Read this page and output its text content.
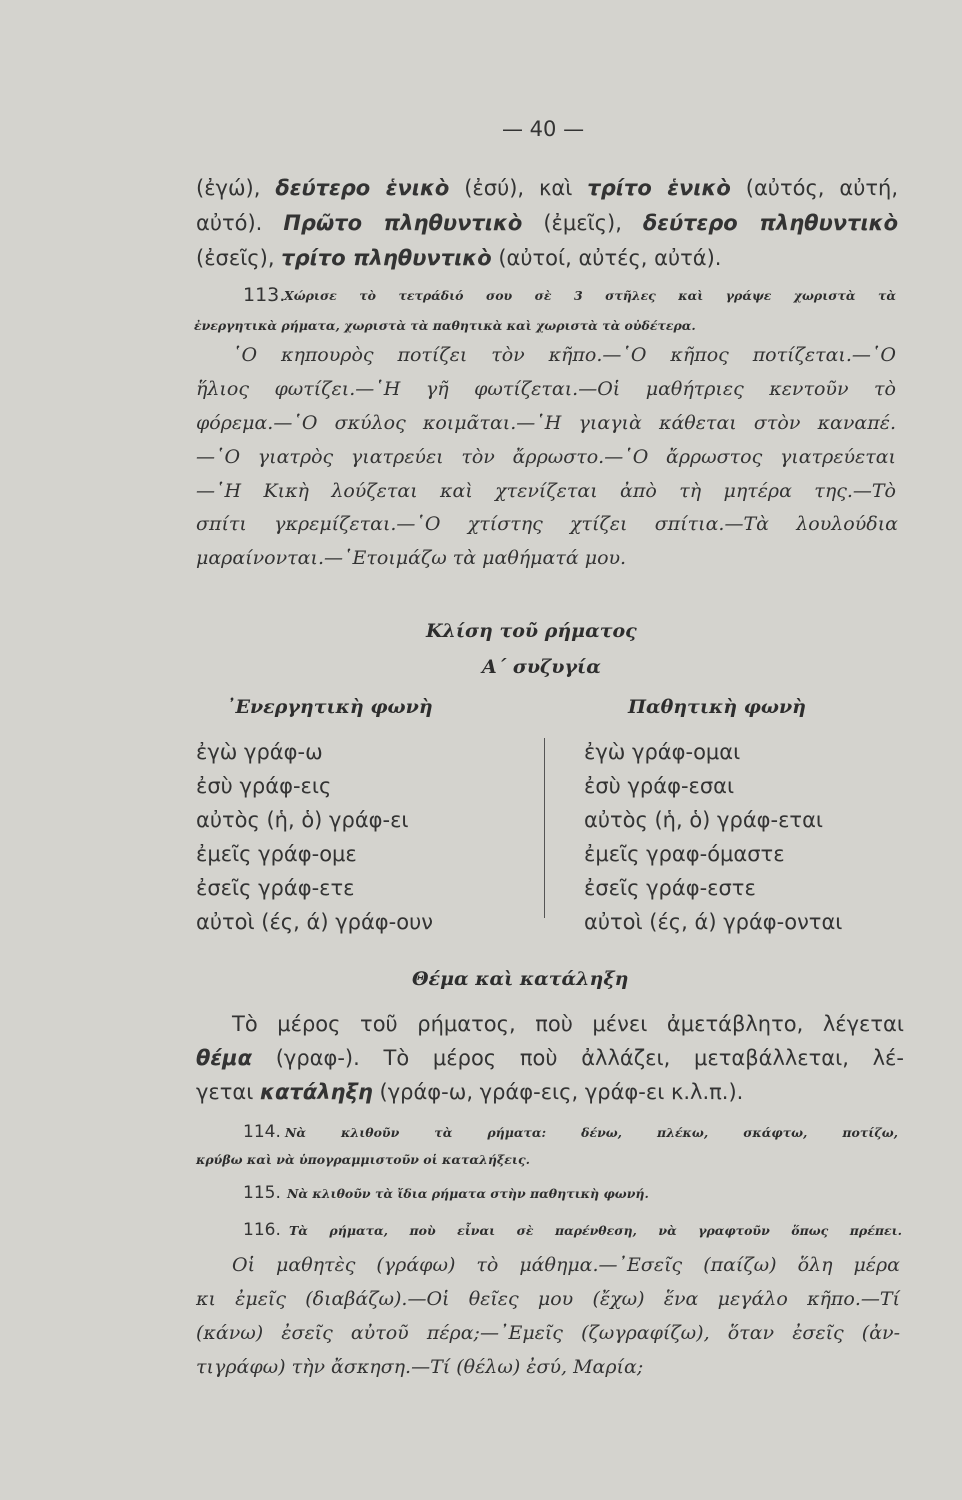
— 40 —
(ἐγώ), δεύτερο ἑνικὸ (ἐσύ), καὶ τρίτο ἑνικὸ (αὐτός, αὐτή,
αὐτό). Πρῶτο πληθυντικὸ (ἐμεῖς), δεύτερο πληθυντικὸ
(ἐσεῖς), τρίτο πληθυντικὸ (αὐτοί, αὐτές, αὐτά).
113.
Χώρισε τὸ τετράδιό σου σὲ 3 στῆλες καὶ γράψε χωριστὰ τὰ
ἐνεργητικὰ ρήματα, χωριστὰ τὰ παθητικὰ καὶ χωριστὰ τὰ οὐδέτερα.
῾Ο κηπουρὸς ποτίζει τὸν κῆπο.—῾Ο κῆπος ποτίζεται.—῾Ο
ἥλιος φωτίζει.—῾Η γῆ φωτίζεται.—Οἱ μαθήτριες κεντοῦν τὸ
φόρεμα.—῾Ο σκύλος κοιμᾶται.—῾Η γιαγιὰ κάθεται στὸν καναπέ.
—῾Ο γιατρὸς γιατρεύει τὸν ἄρρωστο.—῾Ο ἄρρωστος γιατρεύεται
—῾Η Κικὴ λούζεται καὶ χτενίζεται ἀπὸ τὴ μητέρα της.—Τὸ
σπίτι γκρεμίζεται.—῾Ο χτίστης χτίζει σπίτια.—Τὰ λουλούδια
μαραίνονται.—῾Ετοιμάζω τὰ μαθήματά μου.
Κλίση τοῦ ρήματος
Α΄ συζυγία
᾿Ενεργητικὴ φωνὴ	Παθητικὴ φωνὴ
ἐγὼ γράφ-ω
ἐσὺ γράφ-εις
αὐτὸς (ἡ, ὁ) γράφ-ει
ἐμεῖς γράφ-ομε
ἐσεῖς γράφ-ετε
αὐτοὶ (ές, ά) γράφ-ουν
ἐγὼ γράφ-ομαι
ἐσὺ γράφ-εσαι
αὐτὸς (ἡ, ὁ) γράφ-εται
ἐμεῖς γραφ-όμαστε
ἐσεῖς γράφ-εστε
αὐτοὶ (ές, ά) γράφ-ονται
Θέμα καὶ κατάληξη
Τὸ μέρος τοῦ ρήματος, ποὺ μένει ἀμετάβλητο, λέγεται
θέμα (γραφ-). Τὸ μέρος ποὺ ἀλλάζει, μεταβάλλεται, λέ-
γεται κατάληξη (γράφ-ω, γράφ-εις, γράφ-ει κ.λ.π.).
114. Νὰ κλιθοῦν τὰ ρήματα: δένω, πλέκω, σκάφτω, ποτίζω,
κρύβω καὶ νὰ ὑπογραμμιστοῦν οἱ καταλήξεις.
115. Νὰ κλιθοῦν τὰ ἴδια ρήματα στὴν παθητικὴ φωνή.
116. Τὰ ρήματα, ποὺ εἶναι σὲ παρένθεση, νὰ γραφτοῦν ὅπως πρέπει.
Οἱ μαθητὲς (γράφω) τὸ μάθημα.—᾿Εσεῖς (παίζω) ὅλη μέρα
κι ἐμεῖς (διαβάζω).—Οἱ θεῖες μου (ἔχω) ἕνα μεγάλο κῆπο.—Τί
(κάνω) ἐσεῖς αὐτοῦ πέρα;—᾿Εμεῖς (ζωγραφίζω), ὅταν ἐσεῖς (ἀν-
τιγράφω) τὴν ἄσκηση.—Τί (θέλω) ἐσύ, Μαρία;
